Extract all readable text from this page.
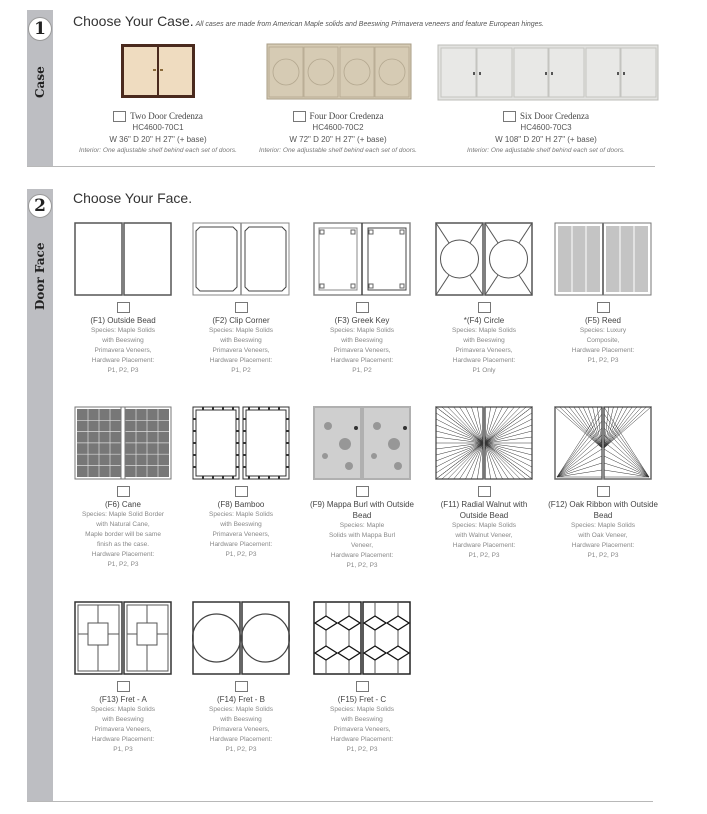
1
Case
Choose Your Case. All cases are made from American Maple solids and Beeswing Primavera veneers and feature European hinges.
Two Door Credenza
HC4600-70C1
W 36" D 20" H 27" (+ base)
Interior: One adjustable shelf behind each set of doors.
Four Door Credenza
HC4600-70C2
W 72" D 20" H 27" (+ base)
Interior: One adjustable shelf behind each set of doors.
Six Door Credenza
HC4600-70C3
W 108" D 20" H 27" (+ base)
Interior: One adjustable shelf behind each set of doors.
2
Door Face
Choose Your Face.
(F1) Outside Bead

Species: Maple Solids

with Beeswing

Primavera Veneers,

Hardware Placement:

P1, P2, P3

(F2) Clip Corner

Species: Maple Solids

with Beeswing

Primavera Veneers,

Hardware Placement:

P1, P2

(F3) Greek Key

Species: Maple Solids

with Beeswing

Primavera Veneers,

Hardware Placement:

P1, P2

*(F4) Circle

Species: Maple Solids

with Beeswing

Primavera Veneers,

Hardware Placement:

P1 Only

(F5) Reed

Species: Luxury

Composite,

Hardware Placement:

P1, P2, P3

(F6) Cane

Species: Maple Solid Border

with Natural Cane,

Maple border will be same

finish as the case.

Hardware Placement:

P1, P2, P3

(F8) Bamboo

Species: Maple Solids

with Beeswing

Primavera Veneers,

Hardware Placement:

P1, P2, P3

(F9) Mappa Burl with Outside Bead

Species: Maple

Solids with Mappa Burl

Veneer,

Hardware Placement:

P1, P2, P3

(F11) Radial Walnut with Outside Bead

Species: Maple Solids

with Walnut Veneer,

Hardware Placement:

P1, P2, P3

(F12) Oak Ribbon with Outside Bead

Species: Maple Solids

with Oak Veneer,

Hardware Placement:

P1, P2, P3

(F13) Fret - A

Species: Maple Solids

with Beeswing

Primavera Veneers,

Hardware Placement:

P1, P3

(F14) Fret - B

Species: Maple Solids

with Beeswing

Primavera Veneers,

Hardware Placement:

P1, P2, P3

(F15) Fret - C

Species: Maple Solids

with Beeswing

Primavera Veneers,

Hardware Placement:

P1, P2, P3
